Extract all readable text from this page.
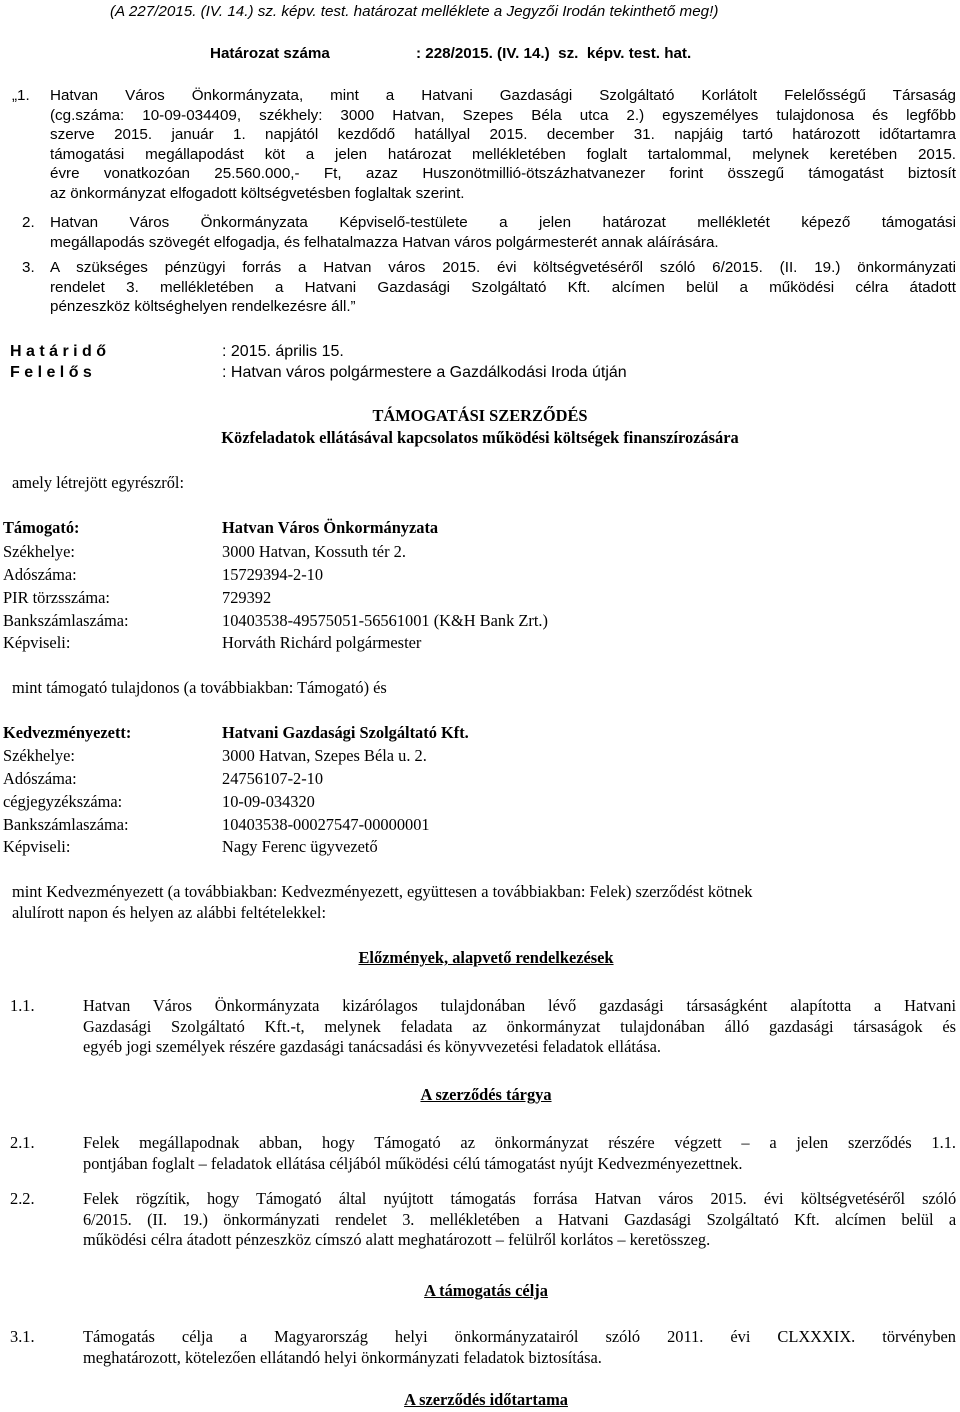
(A 227/2015. (IV. 14.) sz. képv. test. határozat melléklete a Jegyzői Irodán tekinthető meg!)
Határozat száma	: 228/2015. (IV. 14.)  sz.  képv. test. hat.
„1. Hatvan Város Önkormányzata, mint a Hatvani Gazdasági Szolgáltató Korlátolt Felelősségű Társaság
(cg.száma: 10-09-034409, székhely: 3000 Hatvan, Szepes Béla utca 2.) egyszemélyes tulajdonosa és legfőbb
szerve 2015. január 1. napjától kezdődő hatállyal 2015. december 31. napjáig tartó határozott időtartamra
támogatási megállapodást köt a jelen határozat mellékletében foglalt tartalommal, melynek keretében 2015.
évre vonatkozóan 25.560.000,- Ft, azaz Huszonötmillió-ötszázhatvanezer forint összegű támogatást biztosít
az önkormányzat elfogadott költségvetésben foglaltak szerint.
2. Hatvan Város Önkormányzata Képviselő-testülete a jelen határozat mellékletét képező támogatási
megállapodás szövegét elfogadja, és felhatalmazza Hatvan város polgármesterét annak aláírására.
3. A szükséges pénzügyi forrás a Hatvan város 2015. évi költségvetéséről szóló 6/2015. (II. 19.) önkormányzati
rendelet 3. mellékletében a Hatvani Gazdasági Szolgáltató Kft. alcímen belül a működési célra átadott
pénzeszköz költséghelyen rendelkezésre áll.”
H a t á r i d ő	: 2015. április 15.
F e l e l ő s	: Hatvan város polgármestere a Gazdálkodási Iroda útján
TÁMOGATÁSI SZERZŐDÉS
Közfeladatok ellátásával kapcsolatos működési költségek finanszírozására
amely létrejött egyrészről:
Támogató:	Hatvan Város Önkormányzata
Székhelye:	3000 Hatvan, Kossuth tér 2.
Adószáma:	15729394-2-10
PIR törzsszáma:	729392
Bankszámlaszáma:	10403538-49575051-56561001 (K&H Bank Zrt.)
Képviseli:	Horváth Richárd polgármester
mint támogató tulajdonos (a továbbiakban: Támogató) és
Kedvezményezett:	Hatvani Gazdasági Szolgáltató Kft.
Székhelye:	3000 Hatvan, Szepes Béla u. 2.
Adószáma:	24756107-2-10
cégjegyzékszáma:	10-09-034320
Bankszámlaszáma:	10403538-00027547-00000001
Képviseli:	Nagy Ferenc ügyvezető
mint Kedvezményezett (a továbbiakban: Kedvezményezett, együttesen a továbbiakban: Felek) szerződést kötnek
alulírott napon és helyen az alábbi feltételekkel:
Előzmények, alapvető rendelkezések
1.1.	Hatvan Város Önkormányzata kizárólagos tulajdonában lévő gazdasági társaságként alapította a Hatvani
Gazdasági Szolgáltató Kft.-t, melynek feladata az önkormányzat tulajdonában álló gazdasági társaságok és
egyéb jogi személyek részére gazdasági tanácsadási és könyvvezetési feladatok ellátása.
A szerződés tárgya
2.1.	Felek megállapodnak abban, hogy Támogató az önkormányzat részére végzett – a jelen szerződés 1.1.
pontjában foglalt – feladatok ellátása céljából működési célú támogatást nyújt Kedvezményezettnek.
2.2.	Felek rögzítik, hogy Támogató által nyújtott támogatás forrása Hatvan város 2015. évi költségvetéséről szóló
6/2015. (II. 19.) önkormányzati rendelet 3. mellékletében a Hatvani Gazdasági Szolgáltató Kft. alcímen belül a
működési célra átadott pénzeszköz címszó alatt meghatározott – felülről korlátos – keretösszeg.
A támogatás célja
3.1.	Támogatás célja a Magyarország helyi önkormányzatairól szóló 2011. évi CLXXXIX. törvényben
meghatározott, kötelezően ellátandó helyi önkormányzati feladatok biztosítása.
A szerződés időtartama
